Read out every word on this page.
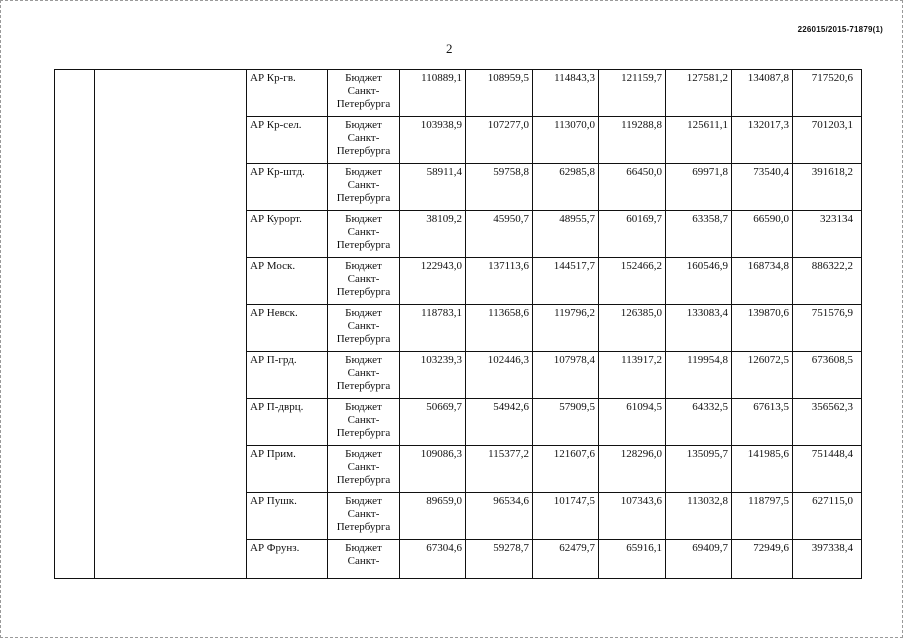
226015/2015-71879(1)
2
		АР Кр-гв.	Бюджет
Санкт-
Петербурга	110889,1	108959,5	114843,3	121159,7	127581,2	134087,8	717520,6
		АР Кр-сел.	Бюджет
Санкт-
Петербурга	103938,9	107277,0	113070,0	119288,8	125611,1	132017,3	701203,1
		АР Кр-штд.	Бюджет
Санкт-
Петербурга	58911,4	59758,8	62985,8	66450,0	69971,8	73540,4	391618,2
		АР Курорт.	Бюджет
Санкт-
Петербурга	38109,2	45950,7	48955,7	60169,7	63358,7	66590,0	323134
		АР Моск.	Бюджет
Санкт-
Петербурга	122943,0	137113,6	144517,7	152466,2	160546,9	168734,8	886322,2
		АР Невск.	Бюджет
Санкт-
Петербурга	118783,1	113658,6	119796,2	126385,0	133083,4	139870,6	751576,9
		АР П-грд.	Бюджет
Санкт-
Петербурга	103239,3	102446,3	107978,4	113917,2	119954,8	126072,5	673608,5
		АР П-дврц.	Бюджет
Санкт-
Петербурга	50669,7	54942,6	57909,5	61094,5	64332,5	67613,5	356562,3
		АР Прим.	Бюджет
Санкт-
Петербурга	109086,3	115377,2	121607,6	128296,0	135095,7	141985,6	751448,4
		АР Пушк.	Бюджет
Санкт-
Петербурга	89659,0	96534,6	101747,5	107343,6	113032,8	118797,5	627115,0
		АР Фрунз.	Бюджет
Санкт-	67304,6	59278,7	62479,7	65916,1	69409,7	72949,6	397338,4
